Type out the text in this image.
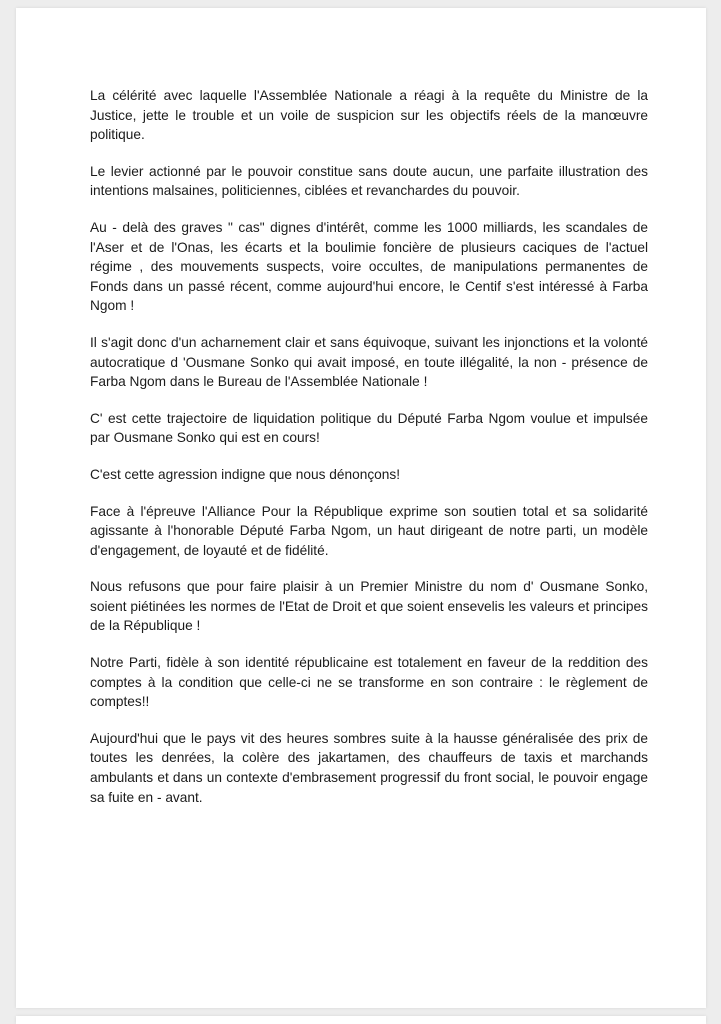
La célérité avec laquelle l'Assemblée Nationale a réagi à la requête du Ministre de la Justice, jette le trouble et un voile de suspicion sur les objectifs réels de la manœuvre politique.

Le levier actionné par le pouvoir constitue sans doute aucun, une parfaite illustration des intentions malsaines, politiciennes, ciblées et revanchardes du pouvoir.

Au - delà des graves " cas" dignes d'intérêt, comme les 1000 milliards, les scandales de l'Aser et de l'Onas, les écarts et la boulimie foncière de plusieurs caciques de l'actuel régime , des mouvements suspects, voire occultes, de manipulations permanentes de Fonds dans un passé récent, comme aujourd'hui encore, le Centif s'est intéressé à Farba Ngom !

Il s'agit donc d'un acharnement clair et sans équivoque, suivant les injonctions et la volonté autocratique d 'Ousmane Sonko qui avait imposé, en toute illégalité, la non - présence de Farba Ngom dans le Bureau de l'Assemblée Nationale !

C' est cette trajectoire de liquidation politique du Député Farba Ngom voulue et impulsée par Ousmane Sonko qui est en cours!

C'est cette agression indigne que nous dénonçons!

Face à l'épreuve l'Alliance Pour la République exprime son soutien total et sa solidarité agissante à l'honorable Député Farba Ngom, un haut dirigeant de notre parti, un modèle d'engagement, de loyauté et de fidélité.

Nous refusons que pour faire plaisir à un Premier Ministre du nom d' Ousmane Sonko, soient piétinées les normes de l'Etat de Droit et que soient ensevelis les valeurs et principes de la République !

Notre Parti, fidèle à son identité républicaine est totalement en faveur de la reddition des comptes à la condition que celle-ci ne se transforme en son contraire : le règlement de comptes!!

Aujourd'hui que le pays vit des heures sombres suite à la hausse généralisée des prix de toutes les denrées, la colère des jakartamen, des chauffeurs de taxis et marchands ambulants et dans un contexte d'embrasement progressif du front social, le pouvoir engage sa fuite en - avant.
